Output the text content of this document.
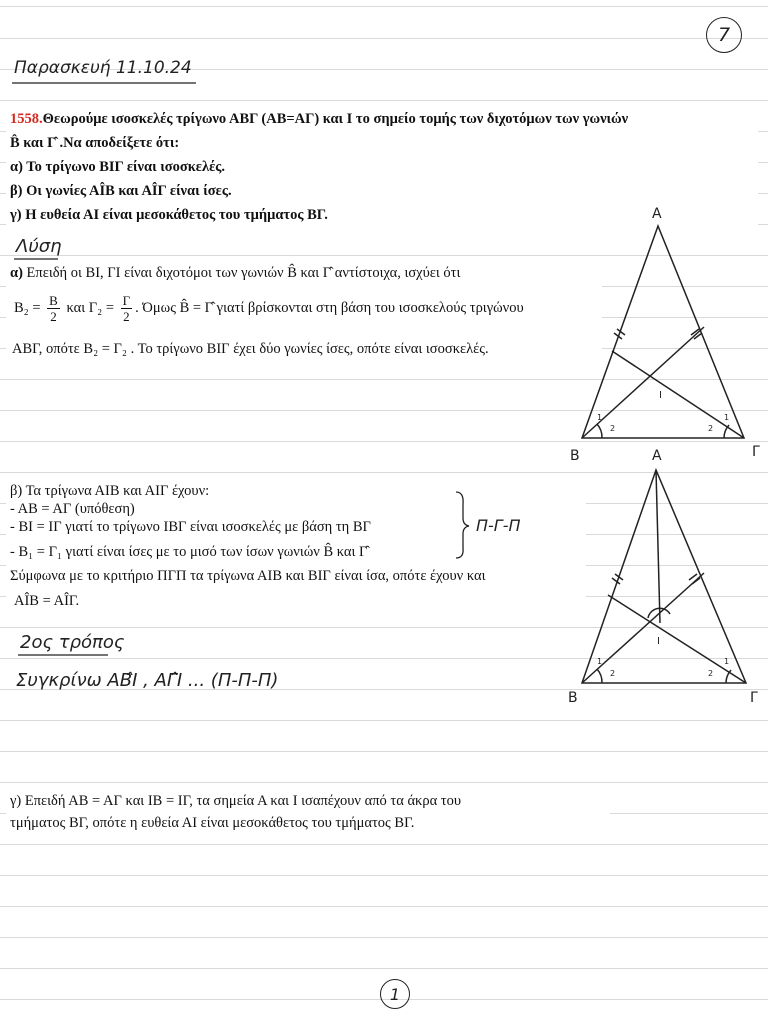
7
Παρασκευή 11.10.24
1558.Θεωρούμε ισοσκελές τρίγωνο ΑΒΓ (ΑΒ=ΑΓ) και Ι το σημείο τομής των διχοτόμων των γωνιών
B̂ και Γ̂ .Να αποδείξετε ότι:
α) Το τρίγωνο ΒΙΓ είναι ισοσκελές.
β) Οι γωνίες ΑÎΒ και ΑÎΓ είναι ίσες.
γ) Η ευθεία ΑΙ είναι μεσοκάθετος του τμήματος ΒΓ.
Λύση
α) Επειδή οι ΒΙ, ΓΙ είναι διχοτόμοι των γωνιών B̂ και Γ̂ αντίστοιχα, ισχύει ότι
$B_2 = \frac{B}{2}$ και $\Gamma_2 = \frac{\Gamma}{2}$ . Όμως B̂ = Γ̂ γιατί βρίσκονται στη βάση του ισοσκελούς τριγώνου
ΑΒΓ, οπότε B₂ = Γ₂ . Το τρίγωνο ΒΙΓ έχει δύο γωνίες ίσες, οπότε είναι ισοσκελές.
A
B	Γ
I
1
2
1
2
β) Τα τρίγωνα ΑΙΒ και ΑΙΓ έχουν:
- ΑΒ = ΑΓ (υπόθεση)
- ΒΙ = ΙΓ γιατί το τρίγωνο ΙΒΓ είναι ισοσκελές με βάση τη ΒΓ
- B₁ = Γ₁ γιατί είναι ίσες με το μισό των ίσων γωνιών B̂ και Γ̂
Σύμφωνα με το κριτήριο ΠΓΠ τα τρίγωνα ΑΙΒ και ΒΙΓ είναι ίσα, οπότε έχουν και
ΑÎΒ = ΑÎΓ.
Π-Γ-Π
A
B	Γ
I
1
2
1
2
2ος τρόπος
Συγκρίνω ΑΒ̂Ι , ΑΓ̂Ι ... (Π-Π-Π)
γ) Επειδή ΑΒ = ΑΓ και ΙΒ = ΙΓ, τα σημεία Α και Ι ισαπέχουν από τα άκρα του
τμήματος ΒΓ, οπότε η ευθεία ΑΙ είναι μεσοκάθετος του τμήματος ΒΓ.
1
